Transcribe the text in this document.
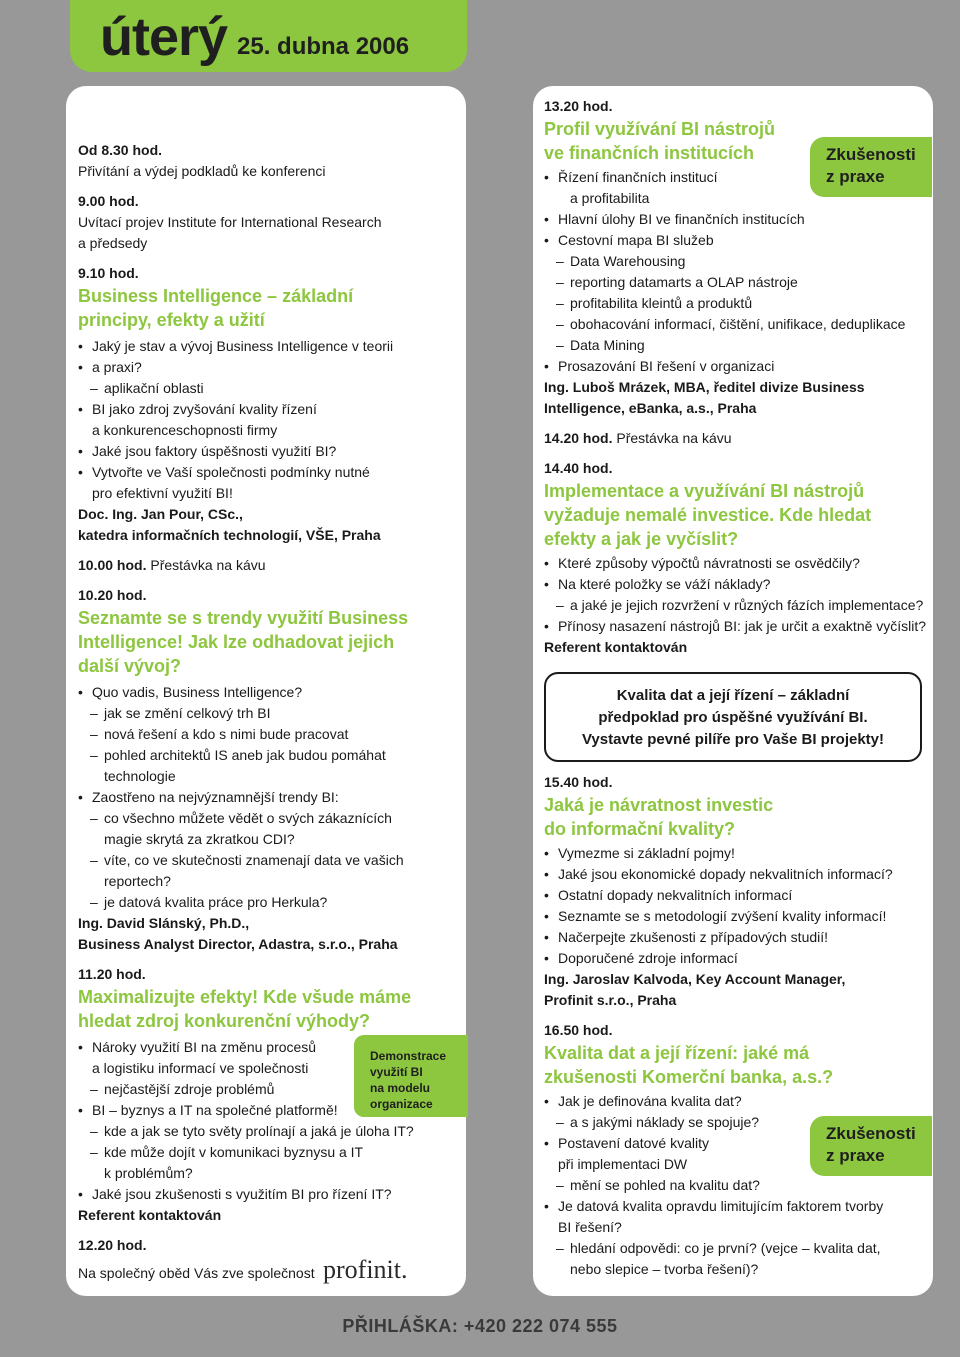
úterý 25. dubna 2006

Od 8.30 hod.

Přivítání a výdej podkladů ke konferenci

9.00 hod.

Uvítací projev Institute for International Research

a předsedy

9.10 hod.

Business Intelligence – základní

principy, efekty a užití

• Jaký je stav a vývoj Business Intelligence v teorii
• a praxi?
– aplikační oblasti
• BI jako zdroj zvyšování kvality řízení
a konkurenceschopnosti firmy
• Jaké jsou faktory úspěšnosti využití BI?
• Vytvořte ve Vaší společnosti podmínky nutné
pro efektivní využití BI!

Doc. Ing. Jan Pour, CSc.,

katedra informačních technologií, VŠE, Praha

10.00 hod. Přestávka na kávu

10.20 hod.

Seznamte se s trendy využití Business

Intelligence! Jak lze odhadovat jejich

další vývoj?

• Quo vadis, Business Intelligence?
– jak se změní celkový trh BI
– nová řešení a kdo s nimi bude pracovat
– pohled architektů IS aneb jak budou pomáhat
technologie
• Zaostřeno na nejvýznamnější trendy BI:
– co všechno můžete vědět o svých zákaznících
magie skrytá za zkratkou CDI?
– víte, co ve skutečnosti znamenají data ve vašich
reportech?
– je datová kvalita práce pro Herkula?

Ing. David Slánský, Ph.D.,

Business Analyst Director, Adastra, s.r.o., Praha

11.20 hod.

Maximalizujte efekty! Kde všude máme

hledat zdroj konkurenční výhody?

• Nároky využití BI na změnu procesů
a logistiku informací ve společnosti
– nejčastější zdroje problémů
• BI – byznys a IT na společné platformě!
– kde a jak se tyto světy prolínají a jaká je úloha IT?
– kde může dojít v komunikaci byznysu a IT
k problémům?
• Jaké jsou zkušenosti s využitím BI pro řízení IT?

Referent kontaktován

12.20 hod.

Na společný oběd Vás zve společnost profinit.

Demonstrace
využití BI
na modelu
organizace

13.20 hod.

Profil využívání BI nástrojů

ve finančních institucích

• Řízení finančních institucí
a profitabilita
• Hlavní úlohy BI ve finančních institucích
• Cestovní mapa BI služeb
– Data Warehousing
– reporting datamarts a OLAP nástroje
– profitabilita kleintů a produktů
– obohacování informací, čištění, unifikace, deduplikace
– Data Mining
• Prosazování BI řešení v organizaci

Ing. Luboš Mrázek, MBA, ředitel divize Business

Intelligence, eBanka, a.s., Praha

14.20 hod. Přestávka na kávu

14.40 hod.

Implementace a využívání BI nástrojů

vyžaduje nemalé investice. Kde hledat

efekty a jak je vyčíslit?

• Které způsoby výpočtů návratnosti se osvědčily?
• Na které položky se váží náklady?
– a jaké je jejich rozvržení v různých fázích implementace?
• Přínosy nasazení nástrojů BI: jak je určit a exaktně vyčíslit?

Referent kontaktován

Kvalita dat a její řízení – základní
předpoklad pro úspěšné využívání BI.
Vystavte pevné pilíře pro Vaše BI projekty!

15.40 hod.

Jaká je návratnost investic

do informační kvality?

• Vymezme si základní pojmy!
• Jaké jsou ekonomické dopady nekvalitních informací?
• Ostatní dopady nekvalitních informací
• Seznamte se s metodologií zvýšení kvality informací!
• Načerpejte zkušenosti z případových studií!
• Doporučené zdroje informací

Ing. Jaroslav Kalvoda, Key Account Manager,

Profinit s.r.o., Praha

16.50 hod.

Kvalita dat a její řízení: jaké má

zkušenosti Komerční banka, a.s.?

• Jak je definována kvalita dat?
– a s jakými náklady se spojuje?
• Postavení datové kvality
při implementaci DW
– mění se pohled na kvalitu dat?
• Je datová kvalita opravdu limitujícím faktorem tvorby
BI řešení?
– hledání odpovědi: co je první? (vejce – kvalita dat,
nebo slepice – tvorba řešení)?
Zkušenosti
z praxe
Zkušenosti
z praxe
PŘIHLÁŠKA: +420 222 074 555
